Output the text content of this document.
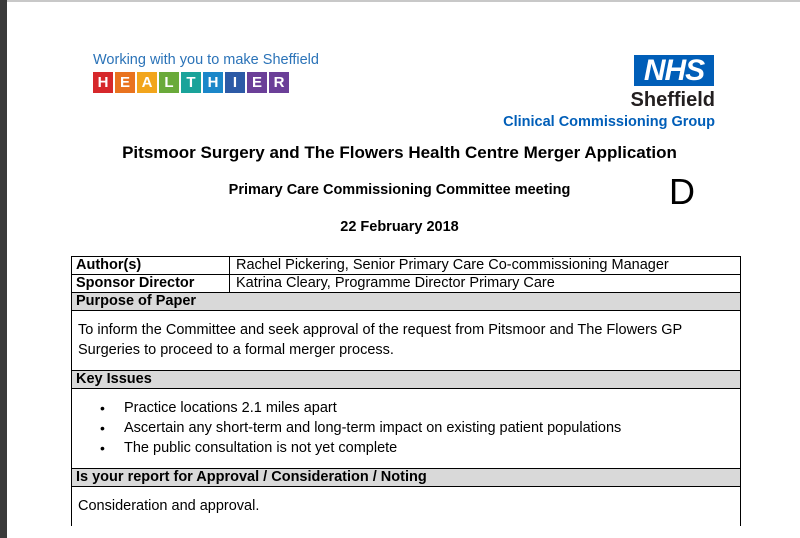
Working with you to make Sheffield
H E A L T H I E R	NHS
Sheffield
Clinical Commissioning Group
Pitsmoor Surgery and The Flowers Health Centre Merger Application
Primary Care Commissioning Committee meeting	D
22 February 2018
Author(s)	Rachel Pickering, Senior Primary Care Co-commissioning Manager
Sponsor Director	Katrina Cleary, Programme Director Primary Care
Purpose of Paper
To inform the Committee and seek approval of the request from Pitsmoor and The Flowers GP Surgeries to proceed to a formal merger process.
Key Issues
• Practice locations 2.1 miles apart
• Ascertain any short-term and long-term impact on existing patient populations
• The public consultation is not yet complete
Is your report for Approval / Consideration / Noting
Consideration and approval.
